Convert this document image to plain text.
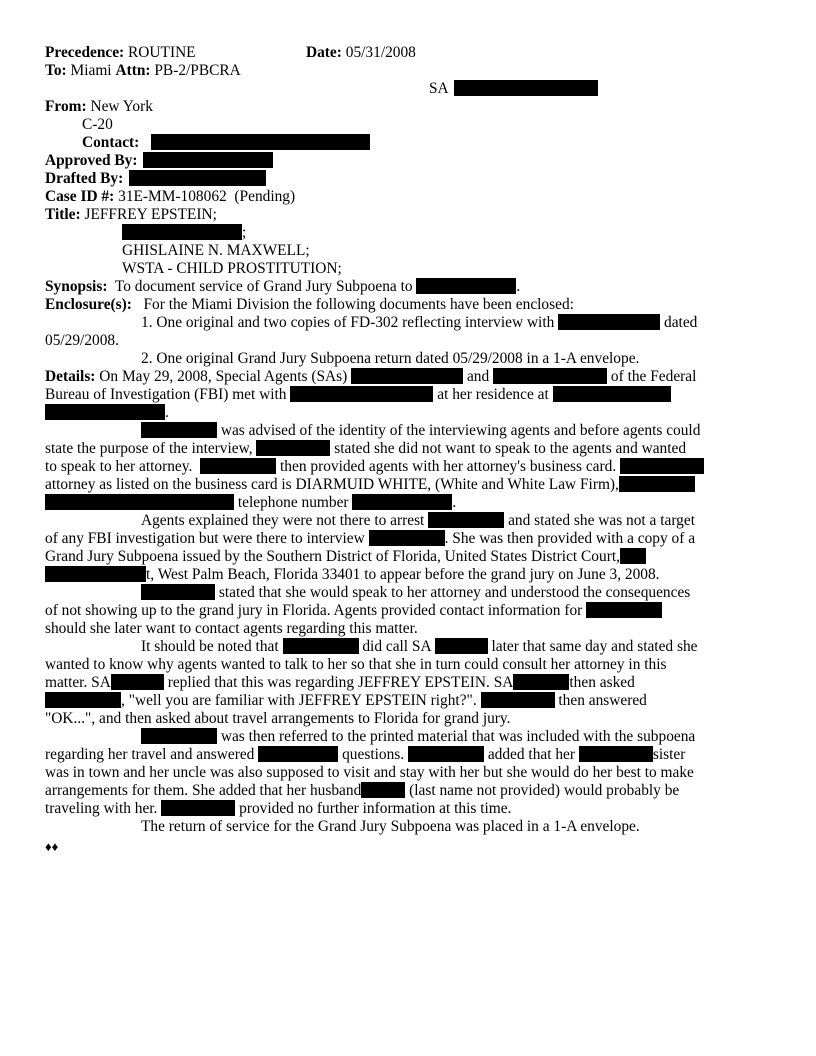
Precedence: ROUTINE	Date: 05/31/2008
To: Miami Attn: PB-2/PBCRA
SA
From: New York
C-20
Contact:
Approved By:
Drafted By:
Case ID #: 31E-MM-108062 (Pending)
Title: JEFFREY EPSTEIN;
;
GHISLAINE N. MAXWELL;
WSTA - CHILD PROSTITUTION;
Synopsis: To document service of Grand Jury Subpoena to	.
Enclosure(s): For the Miami Division the following documents have been enclosed:
1. One original and two copies of FD-302 reflecting interview with	dated
05/29/2008.
2. One original Grand Jury Subpoena return dated 05/29/2008 in a 1-A envelope.
Details: On May 29, 2008, Special Agents (SAs)	and	of the Federal
Bureau of Investigation (FBI) met with	at her residence at
.
was advised of the identity of the interviewing agents and before agents could
state the purpose of the interview,	stated she did not want to speak to the agents and wanted
to speak to her attorney.	then provided agents with her attorney's business card.
attorney as listed on the business card is DIARMUID WHITE, (White and White Law Firm),
telephone number	.
Agents explained they were not there to arrest	and stated she was not a target
of any FBI investigation but were there to interview	. She was then provided with a copy of a
Grand Jury Subpoena issued by the Southern District of Florida, United States District Court,
t, West Palm Beach, Florida 33401 to appear before the grand jury on June 3, 2008.
stated that she would speak to her attorney and understood the consequences
of not showing up to the grand jury in Florida. Agents provided contact information for
should she later want to contact agents regarding this matter.
It should be noted that	did call SA	later that same day and stated she
wanted to know why agents wanted to talk to her so that she in turn could consult her attorney in this
matter. SA	replied that this was regarding JEFFREY EPSTEIN. SA	then asked
, "well you are familiar with JEFFREY EPSTEIN right?".	then answered
"OK...", and then asked about travel arrangements to Florida for grand jury.
was then referred to the printed material that was included with the subpoena
regarding her travel and answered	questions.	added that her	sister
was in town and her uncle was also supposed to visit and stay with her but she would do her best to make
arrangements for them. She added that her husband	(last name not provided) would probably be
traveling with her.	provided no further information at this time.
The return of service for the Grand Jury Subpoena was placed in a 1-A envelope.
♦♦
